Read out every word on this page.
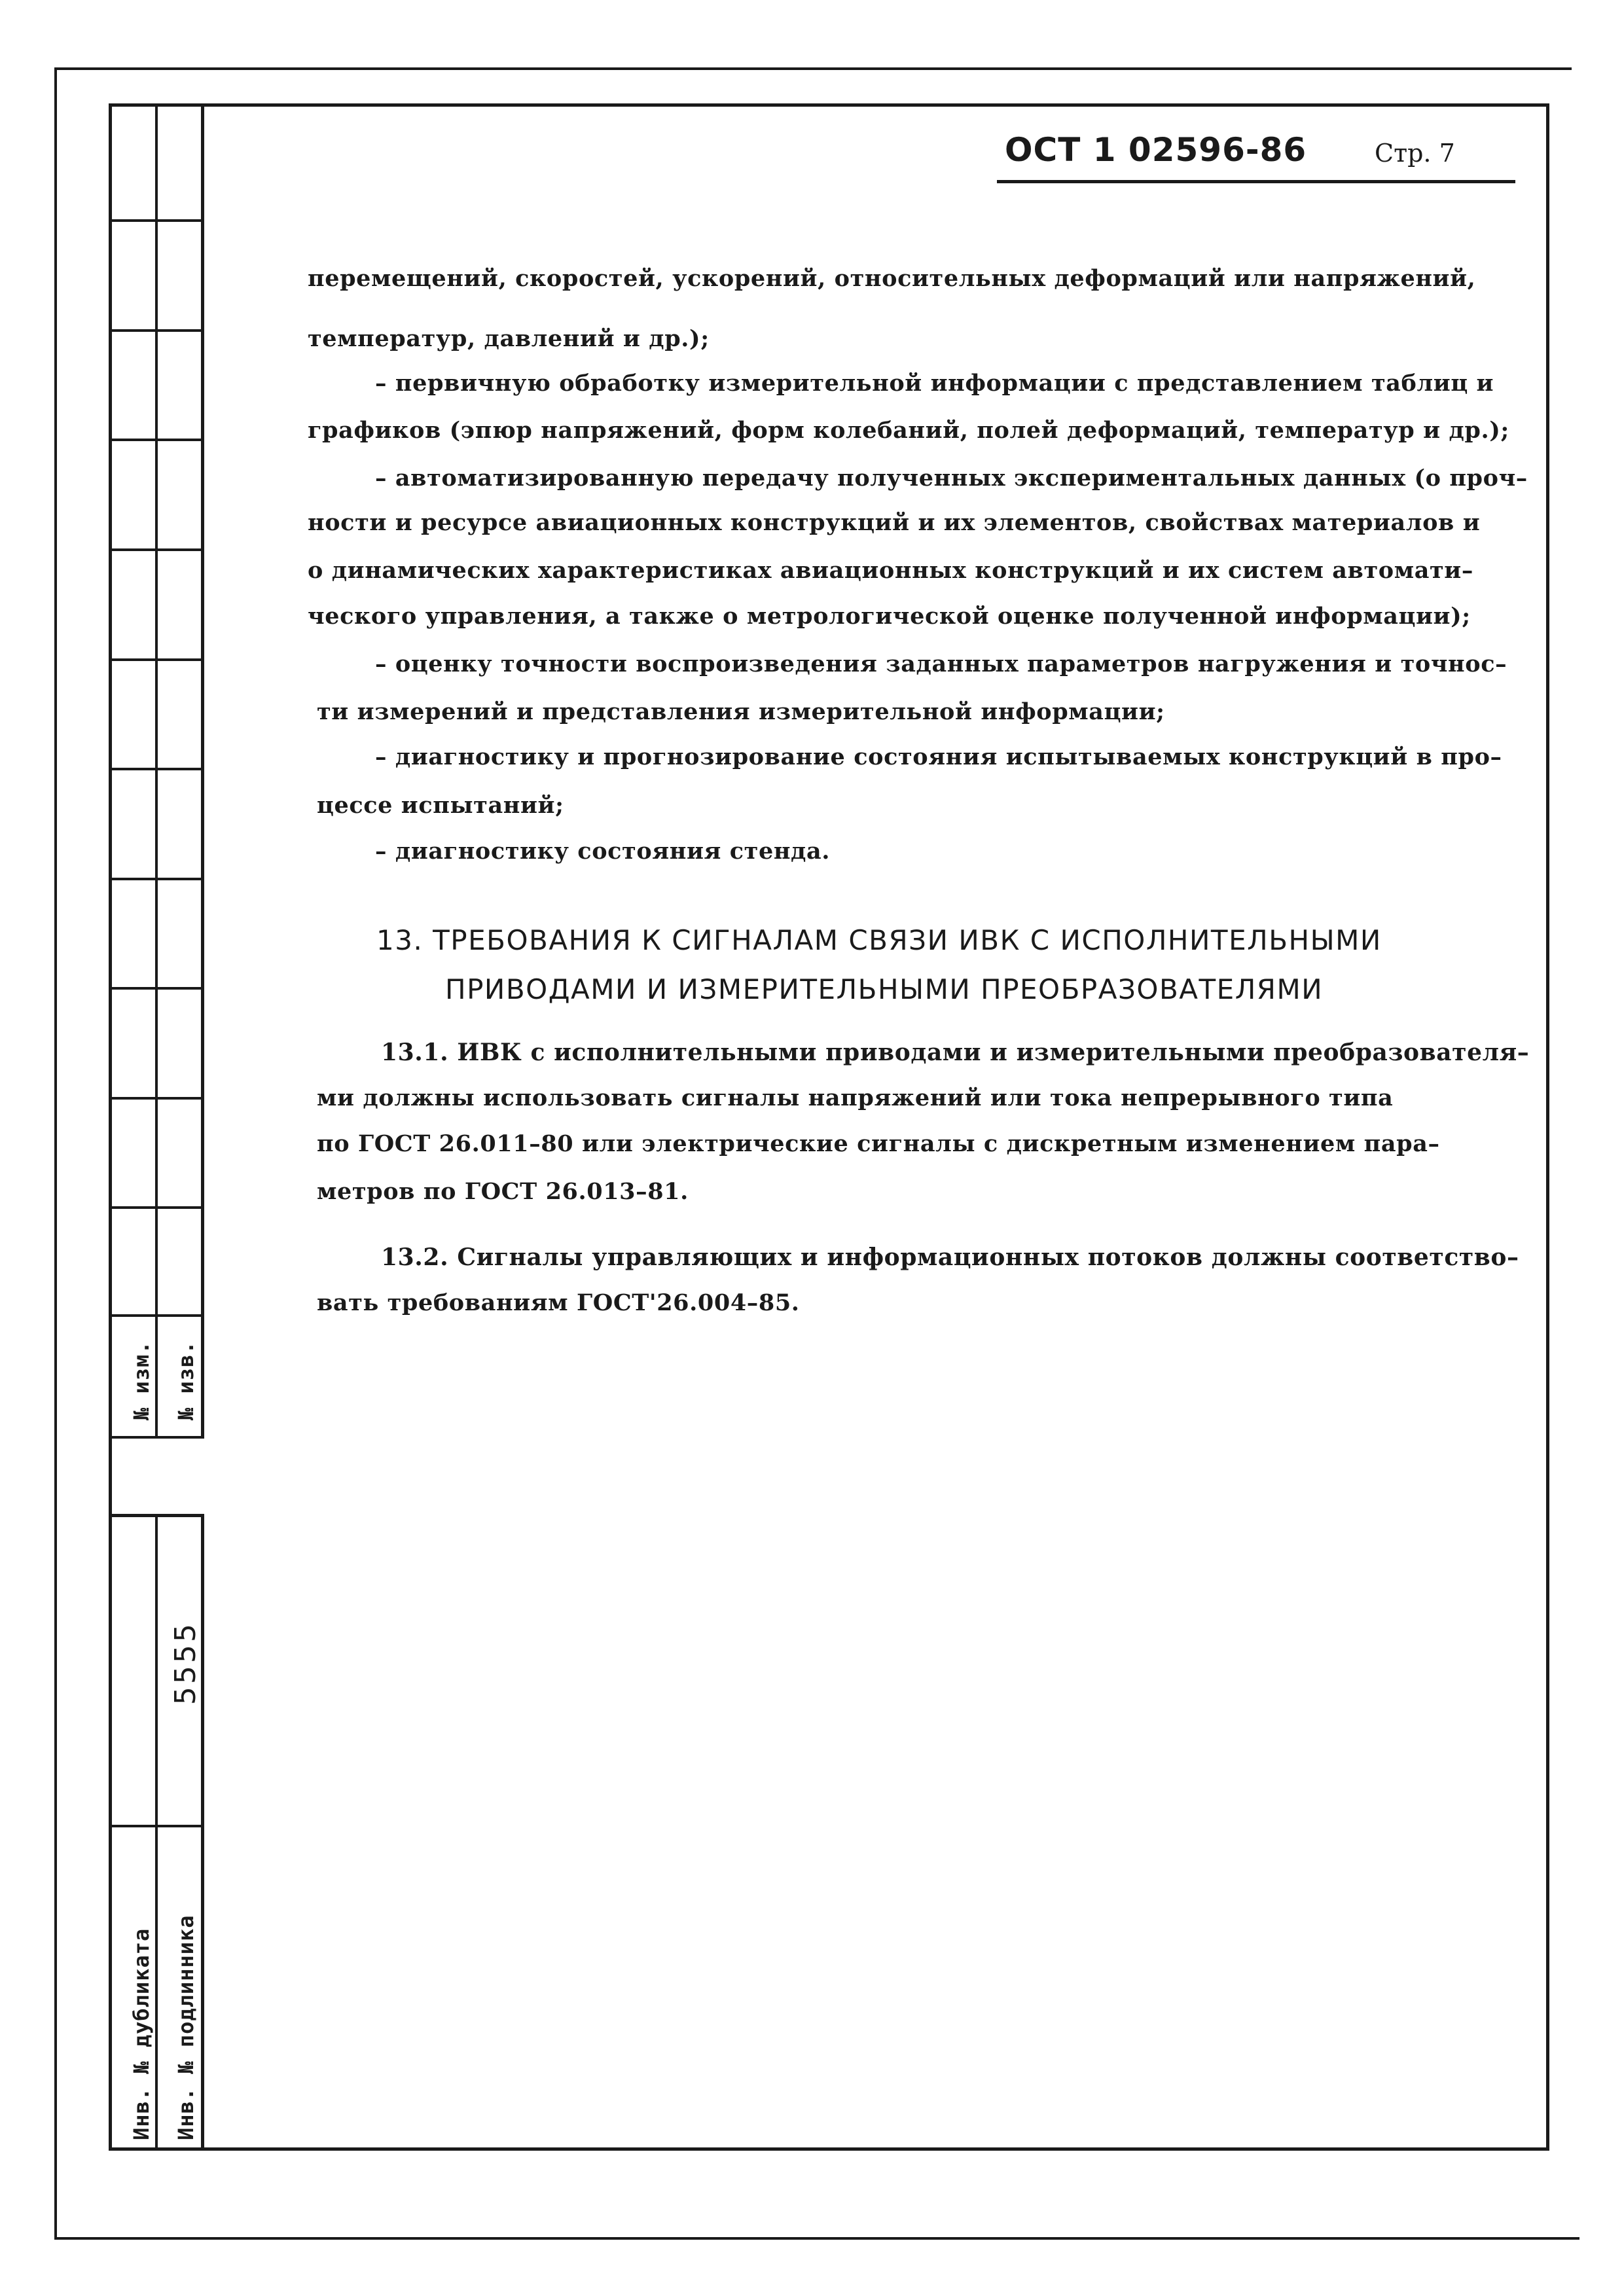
№ изм. № изв.
5555
Инв. № дубликата Инв. № подлинника
ОСТ 1 02596-86	Стр. 7
перемещений, скоростей, ускорений, относительных деформаций или напряжений,
температур, давлений и др.);
– первичную обработку измерительной информации с представлением таблиц и
графиков (эпюр напряжений, форм колебаний, полей деформаций, температур и др.);
– автоматизированную передачу полученных экспериментальных данных (о проч–
ности и ресурсе авиационных конструкций и их элементов, свойствах материалов и
о динамических характеристиках авиационных конструкций и их систем автомати–
ческого управления, а также о метрологической оценке полученной информации);
– оценку точности воспроизведения заданных параметров нагружения и точнос–
ти измерений и представления измерительной информации;
– диагностику и прогнозирование состояния испытываемых конструкций в про–
цессе испытаний;
– диагностику состояния стенда.
13. ТРЕБОВАНИЯ К СИГНАЛАМ СВЯЗИ ИВК С ИСПОЛНИТЕЛЬНЫМИ
ПРИВОДАМИ И ИЗМЕРИТЕЛЬНЫМИ ПРЕОБРАЗОВАТЕЛЯМИ
13.1. ИВК с исполнительными приводами и измерительными преобразователя–
ми должны использовать сигналы напряжений или тока непрерывного типа
по ГОСТ 26.011–80 или электрические сигналы с дискретным изменением пара–
метров по ГОСТ 26.013–81.
13.2. Сигналы управляющих и информационных потоков должны соответство–
вать требованиям ГОСТ'26.004–85.
